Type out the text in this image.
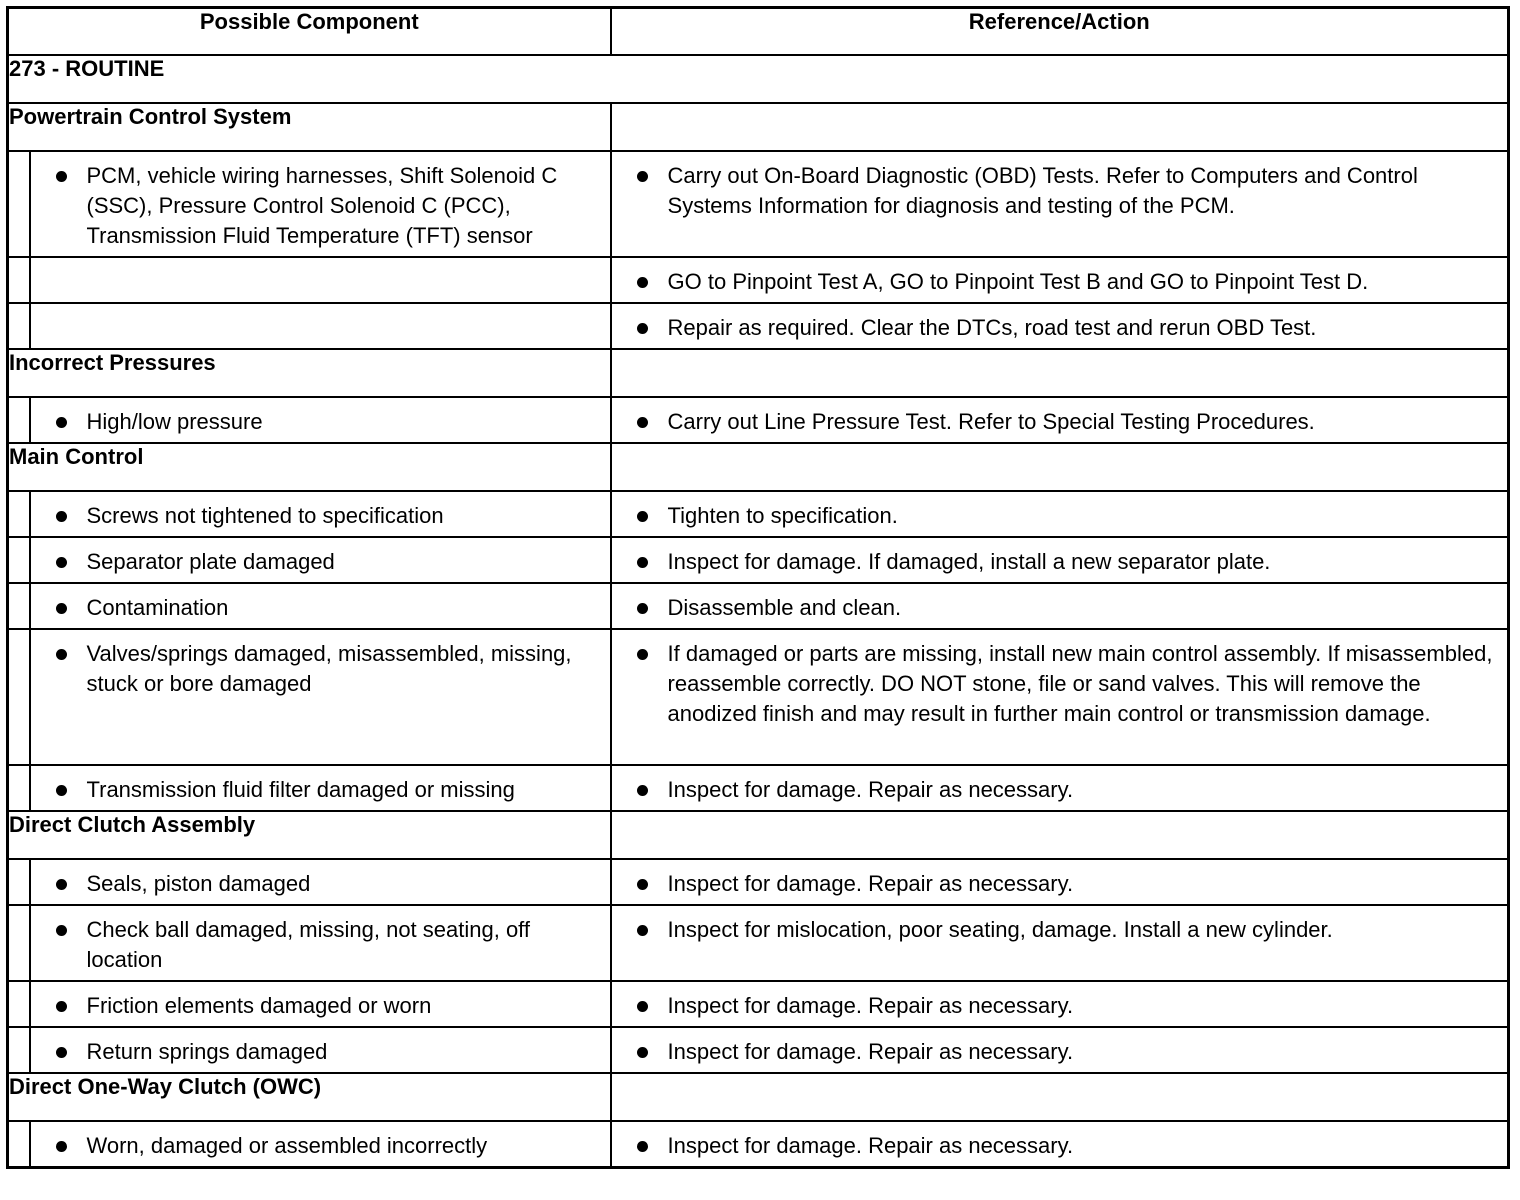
Possible Component		Reference/Action
273 - ROUTINE		
Powertrain Control System		

	PCM, vehicle wiring harnesses, Shift Solenoid C (SSC), Pressure Control Solenoid C (PCC), Transmission Fluid Temperature (TFT) sensor	Carry out On-Board Diagnostic (OBD) Tests. Refer to Computers and Control Systems Information for diagnosis and testing of the PCM.

		GO to Pinpoint Test A, GO to Pinpoint Test B and GO to Pinpoint Test D.

		Repair as required. Clear the DTCs, road test and rerun OBD Test.

Incorrect Pressures		

	High/low pressure	Carry out Line Pressure Test. Refer to Special Testing Procedures.

Main Control		

	Screws not tightened to specification	Tighten to specification.

	Separator plate damaged	Inspect for damage. If damaged, install a new separator plate.

	Contamination	Disassemble and clean.

	Valves/springs damaged, misassembled, missing, stuck or bore damaged	If damaged or parts are missing, install new main control assembly. If misassembled, reassemble correctly. DO NOT stone, file or sand valves. This will remove the anodized finish and may result in further main control or transmission damage.

	Transmission fluid filter damaged or missing	Inspect for damage. Repair as necessary.

Direct Clutch Assembly		

	Seals, piston damaged	Inspect for damage. Repair as necessary.

	Check ball damaged, missing, not seating, off location	Inspect for mislocation, poor seating, damage. Install a new cylinder.

	Friction elements damaged or worn	Inspect for damage. Repair as necessary.

	Return springs damaged	Inspect for damage. Repair as necessary.

Direct One-Way Clutch (OWC)		

	Worn, damaged or assembled incorrectly	Inspect for damage. Repair as necessary.
